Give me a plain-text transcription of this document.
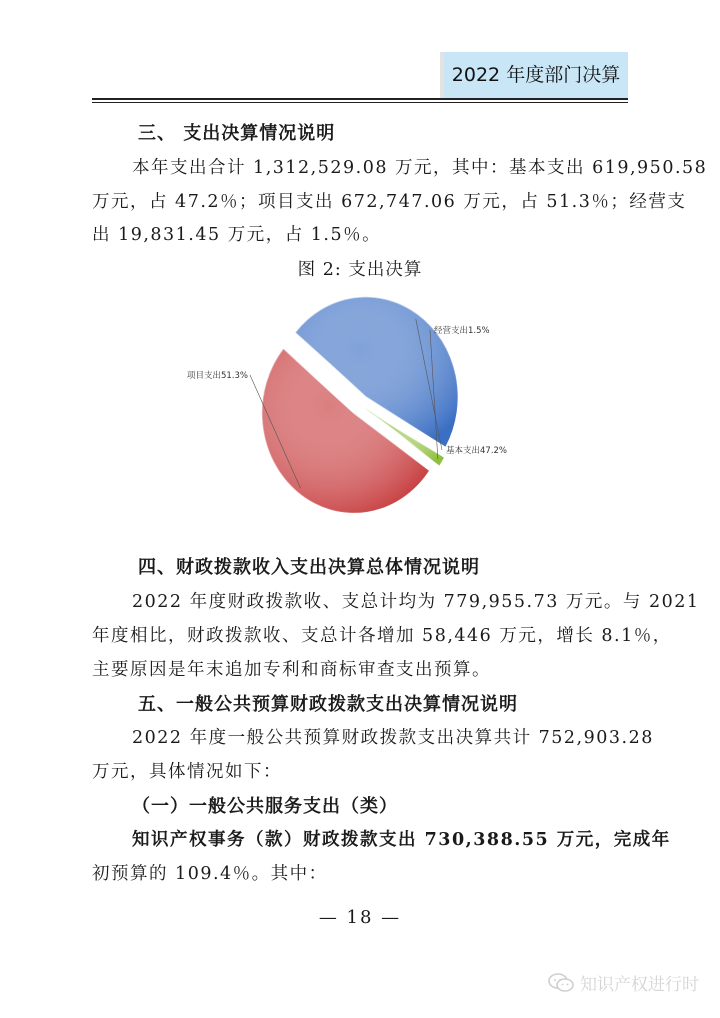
2022 年度部门决算
三、 支出决算情况说明
本年支出合计 1,312,529.08 万元，其中：基本支出 619,950.58
万元，占 47.2％；项目支出 672,747.06 万元，占 51.3％；经营支
出 19,831.45 万元，占 1.5％。
图 2: 支出决算
基本支出47.2%
经营支出1.5%
项目支出51.3%
四、财政拨款收入支出决算总体情况说明
2022 年度财政拨款收、支总计均为 779,955.73 万元。与 2021
年度相比，财政拨款收、支总计各增加 58,446 万元，增长 8.1％，
主要原因是年末追加专利和商标审查支出预算。
五、一般公共预算财政拨款支出决算情况说明
2022 年度一般公共预算财政拨款支出决算共计 752,903.28
万元，具体情况如下：
（一）一般公共服务支出（类）
知识产权事务（款）财政拨款支出 730,388.55 万元，完成年
初预算的 109.4％。其中：
— 18 —
知识产权进行时
